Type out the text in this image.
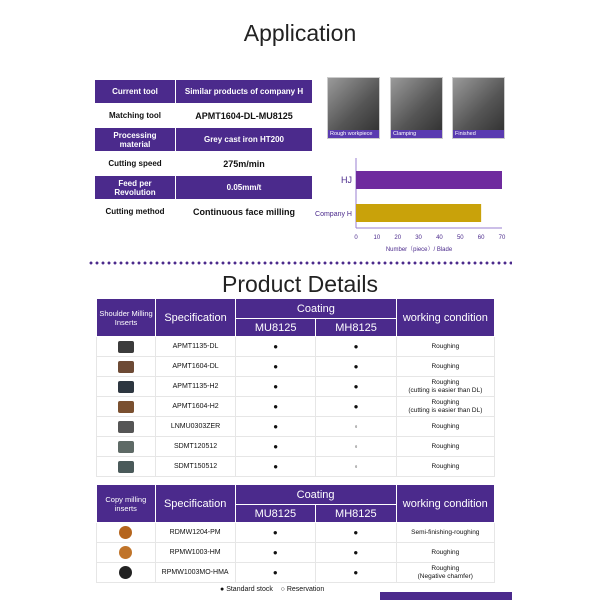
Application
Current tool	Similar products of company H
Matching tool	APMT1604-DL-MU8125
Processing material	Grey cast iron HT200
Cutting speed	275m/min
Feed per Revolution	0.05mm/t
Cutting method	Continuous face milling
Rough workpiece	Clamping	Finished
HJ
Company H
0	10 20 30 40 50 60 70
Number（piece）/ Blade
Product Details
Shoulder Milling Inserts	Specification	Coating		working condition
		MU8125	MH8125	
	APMT1135-DL	●	●	Roughing
	APMT1604-DL	●	●	Roughing
	APMT1135-H2	●	●	Roughing
(cutting is easier than DL)
	APMT1604-H2	●	●	Roughing
(cutting is easier than DL)
	LNMU0303ZER	●	◦	Roughing
	SDMT120512	●	◦	Roughing
	SDMT150512	●	◦	Roughing
Copy milling inserts	Specification	Coating		working condition
		MU8125	MH8125	
	RDMW1204-PM	●	●	Semi-finishing-roughing
	RPMW1003-HM	●	●	Roughing
	RPMW1003MO-HMA	●	●	Roughing
(Negative chamfer)
● Standard stock ○ Reservation
